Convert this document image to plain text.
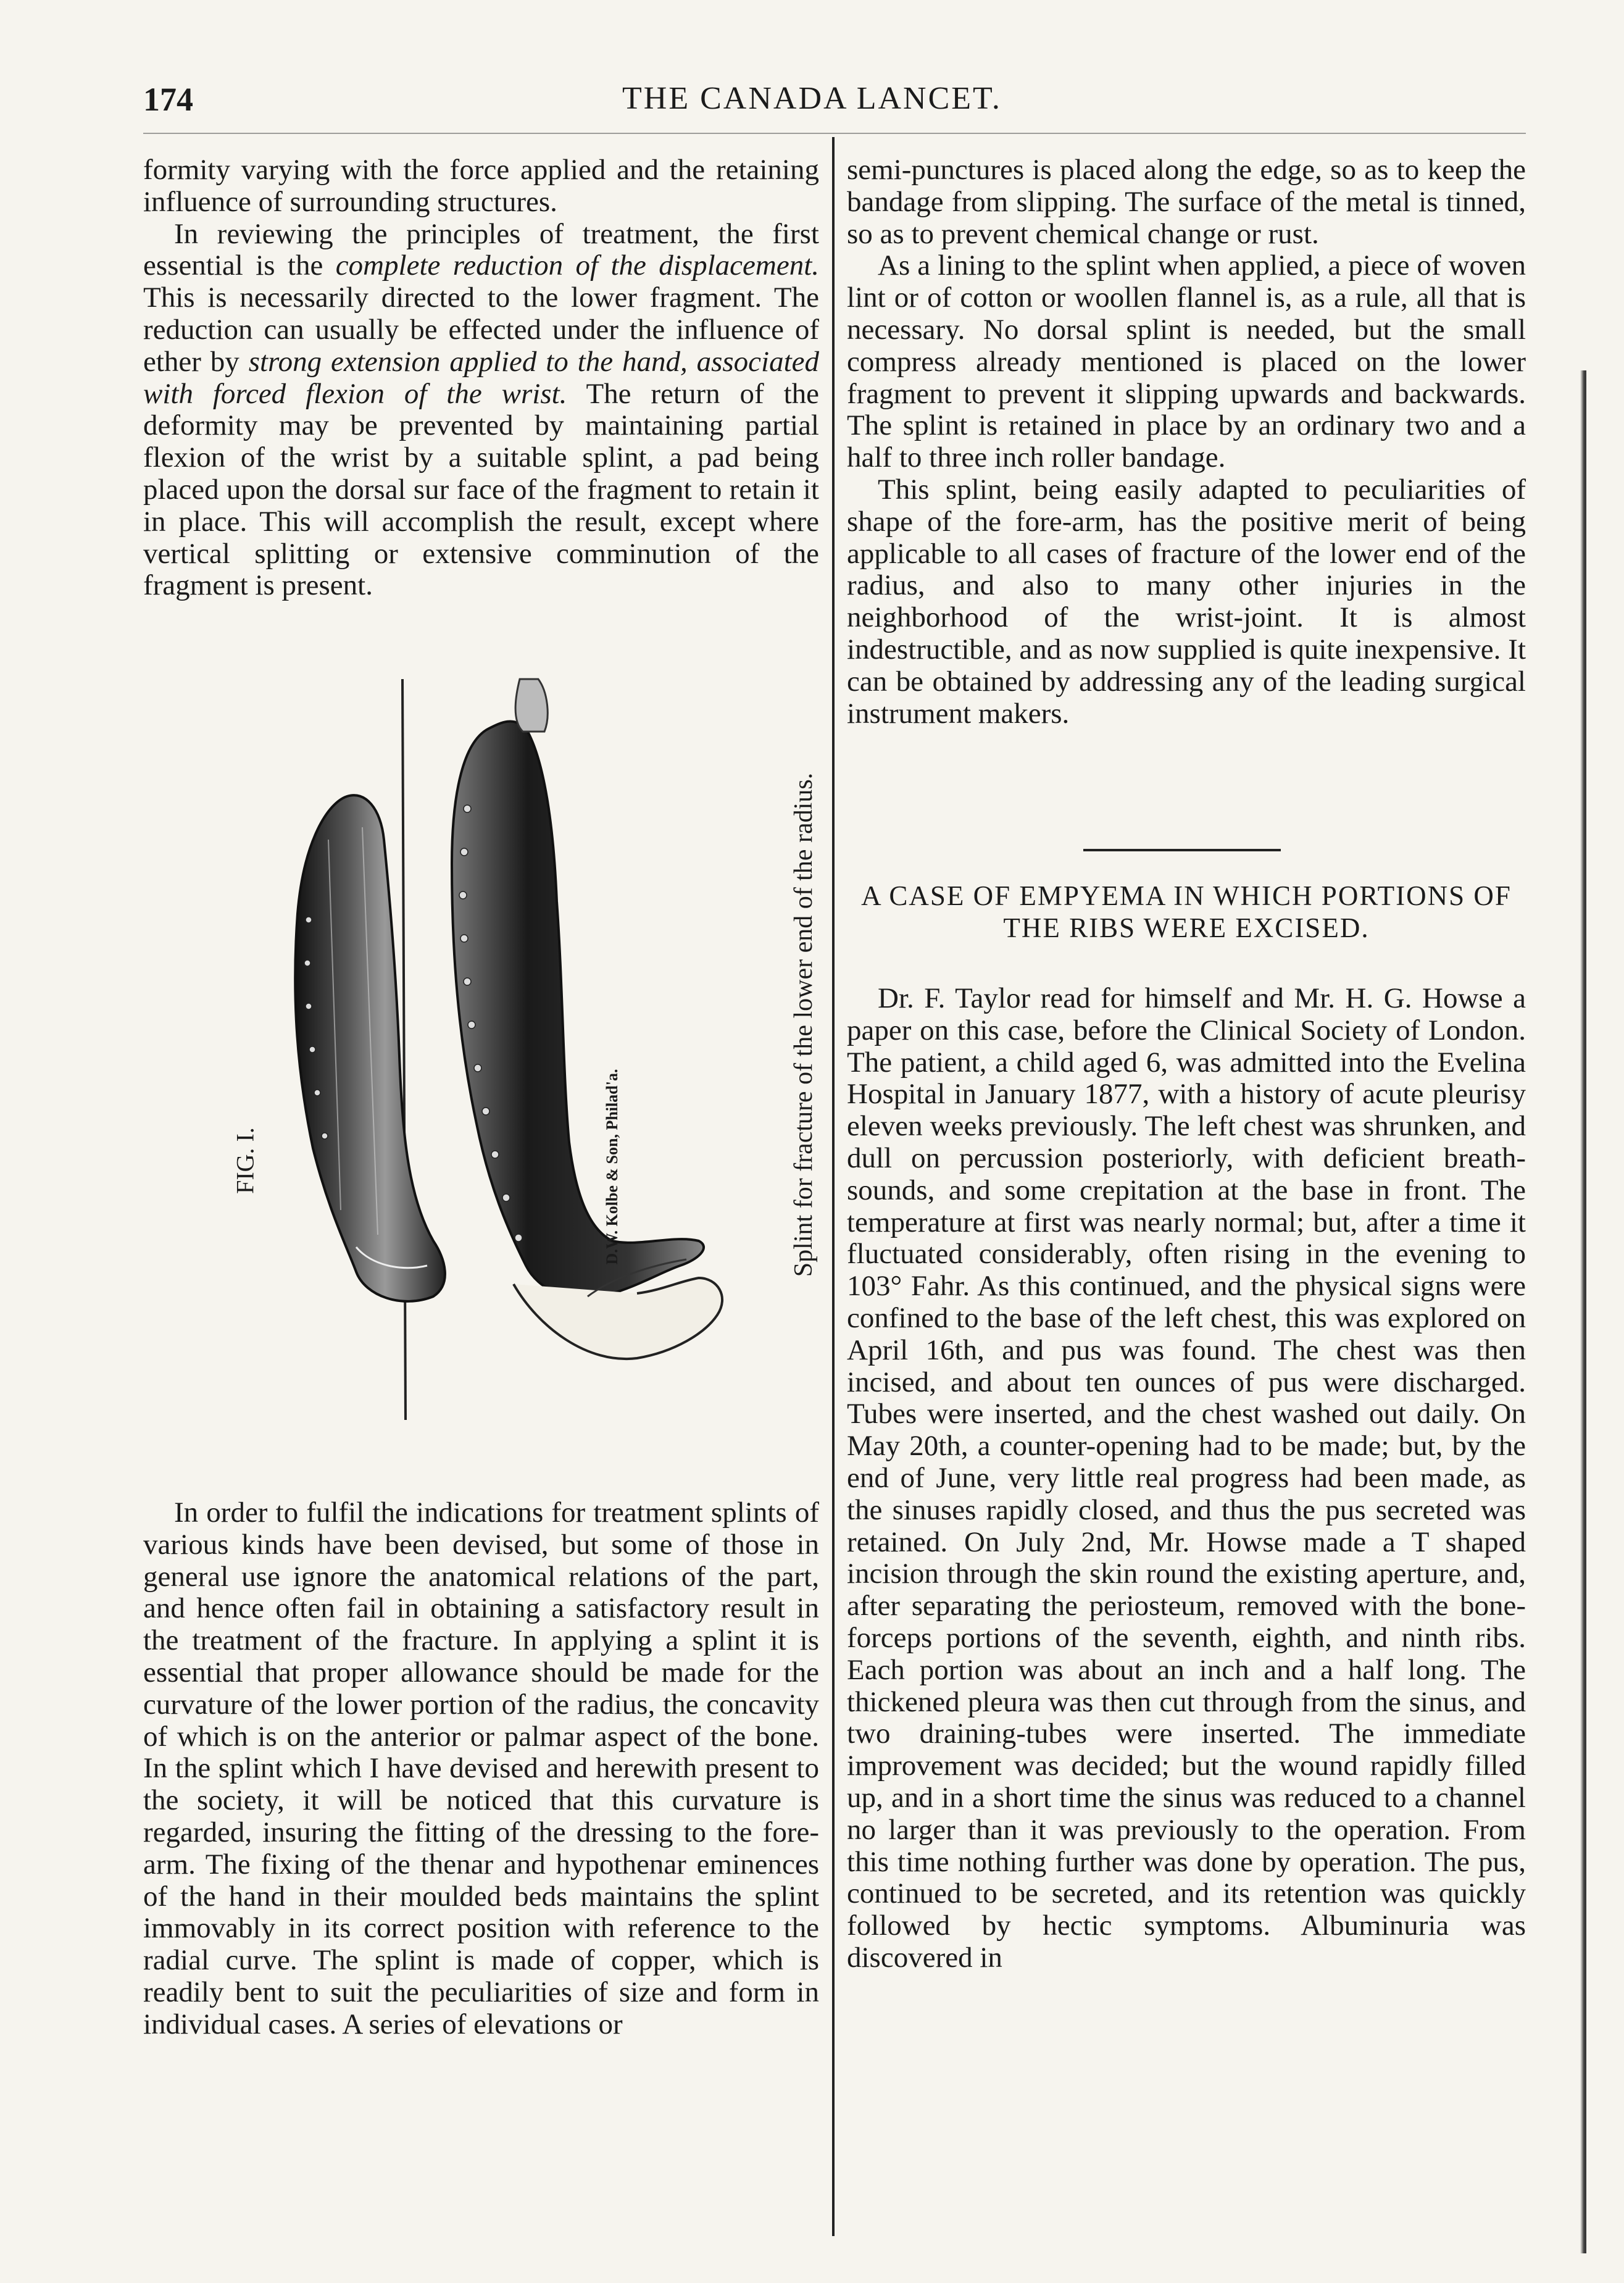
174	THE CANADA LANCET.

formity varying with the force applied and the retaining influence of surrounding structures.

In reviewing the principles of treatment, the first essential is the complete reduction of the displacement. This is necessarily directed to the lower fragment. The reduction can usually be effected under the influence of ether by strong extension applied to the hand, associated with forced flexion of the wrist. The return of the deformity may be prevented by maintaining partial flexion of the wrist by a suitable splint, a pad being placed upon the dorsal sur face of the fragment to retain it in place. This will accomplish the result, except where vertical splitting or extensive comminution of the fragment is present.

FIG. I.	D.W. Kolbe & Son, Philad'a.	Splint for fracture of the lower end of the radius.

In order to fulfil the indications for treatment splints of various kinds have been devised, but some of those in general use ignore the anatomical relations of the part, and hence often fail in obtaining a satisfactory result in the treatment of the fracture. In applying a splint it is essential that proper allowance should be made for the curvature of the lower portion of the radius, the concavity of which is on the anterior or palmar aspect of the bone. In the splint which I have devised and herewith present to the society, it will be noticed that this curvature is regarded, insuring the fitting of the dressing to the fore-arm. The fixing of the thenar and hypothenar eminences of the hand in their moulded beds maintains the splint immovably in its correct position with reference to the radial curve. The splint is made of copper, which is readily bent to suit the peculiarities of size and form in individual cases. A series of elevations or

semi-punctures is placed along the edge, so as to keep the bandage from slipping. The surface of the metal is tinned, so as to prevent chemical change or rust.

As a lining to the splint when applied, a piece of woven lint or of cotton or woollen flannel is, as a rule, all that is necessary. No dorsal splint is needed, but the small compress already mentioned is placed on the lower fragment to prevent it slipping upwards and backwards. The splint is retained in place by an ordinary two and a half to three inch roller bandage.

This splint, being easily adapted to peculiarities of shape of the fore-arm, has the positive merit of being applicable to all cases of fracture of the lower end of the radius, and also to many other injuries in the neighborhood of the wrist-joint. It is almost indestructible, and as now supplied is quite inexpensive. It can be obtained by addressing any of the leading surgical instrument makers.

A CASE OF EMPYEMA IN WHICH PORTIONS OF THE RIBS WERE EXCISED.

Dr. F. Taylor read for himself and Mr. H. G. Howse a paper on this case, before the Clinical Society of London. The patient, a child aged 6, was admitted into the Evelina Hospital in January 1877, with a history of acute pleurisy eleven weeks previously. The left chest was shrunken, and dull on percussion posteriorly, with deficient breath-sounds, and some crepitation at the base in front. The temperature at first was nearly normal; but, after a time it fluctuated considerably, often rising in the evening to 103° Fahr. As this continued, and the physical signs were confined to the base of the left chest, this was explored on April 16th, and pus was found. The chest was then incised, and about ten ounces of pus were discharged. Tubes were inserted, and the chest washed out daily. On May 20th, a counter-opening had to be made; but, by the end of June, very little real progress had been made, as the sinuses rapidly closed, and thus the pus secreted was retained. On July 2nd, Mr. Howse made a T shaped incision through the skin round the existing aperture, and, after separating the periosteum, removed with the bone-forceps portions of the seventh, eighth, and ninth ribs. Each portion was about an inch and a half long. The thickened pleura was then cut through from the sinus, and two draining-tubes were inserted. The immediate improvement was decided; but the wound rapidly filled up, and in a short time the sinus was reduced to a channel no larger than it was previously to the operation. From this time nothing further was done by operation. The pus, continued to be secreted, and its retention was quickly followed by hectic symptoms. Albuminuria was discovered in
